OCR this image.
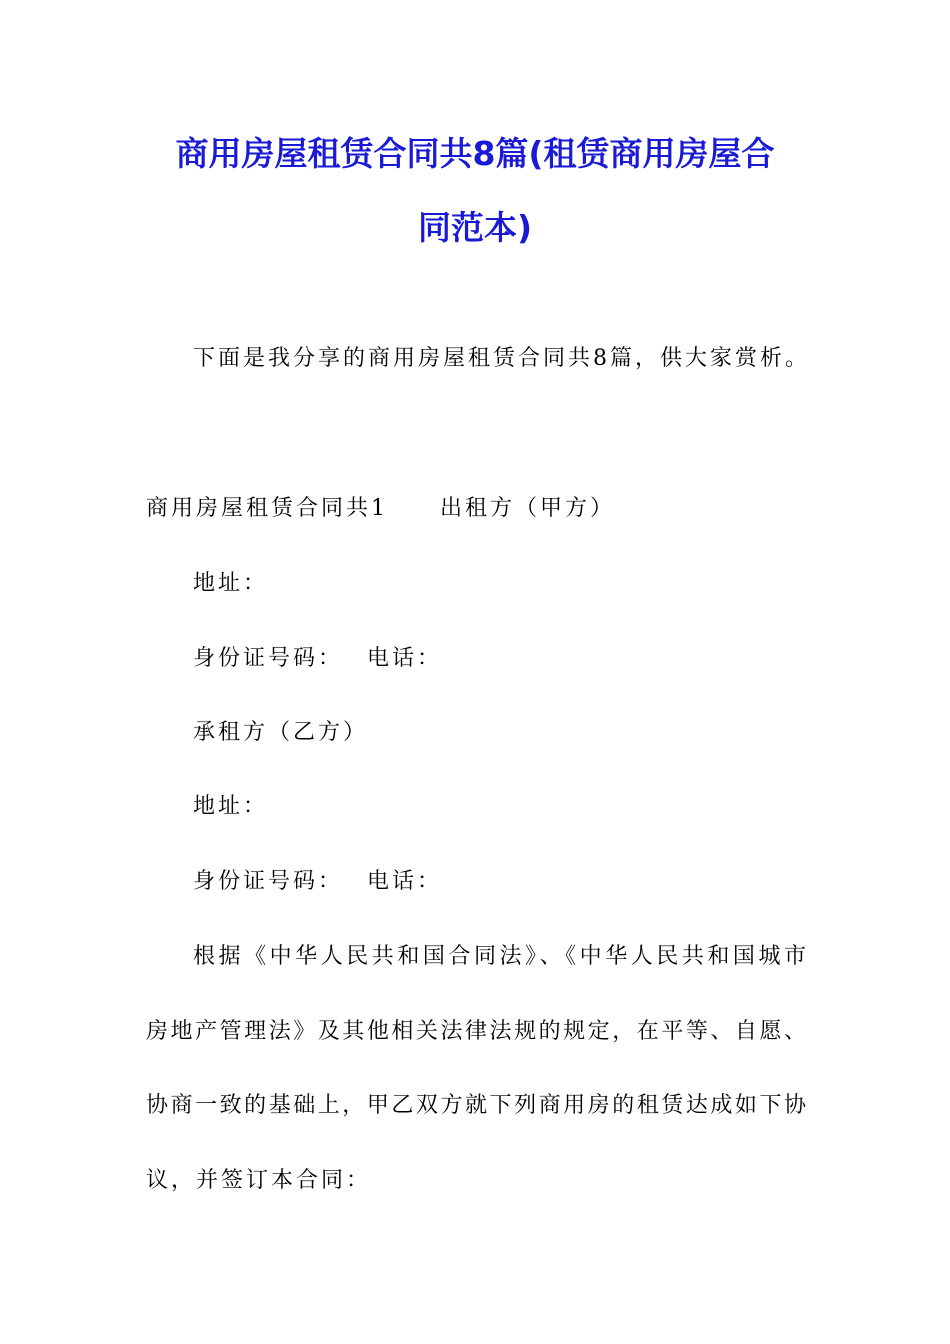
商用房屋租赁合同共8篇(租赁商用房屋合
同范本)
下面是我分享的商用房屋租赁合同共8篇，供大家赏析。
商用房屋租赁合同共1 出租方（甲方）
地址：
身份证号码： 电话：
承租方（乙方）
地址：
身份证号码： 电话：
根据《中华人民共和国合同法》、《中华人民共和国城市
房地产管理法》及其他相关法律法规的规定，在平等、自愿、
协商一致的基础上，甲乙双方就下列商用房的租赁达成如下协
议，并签订本合同：
